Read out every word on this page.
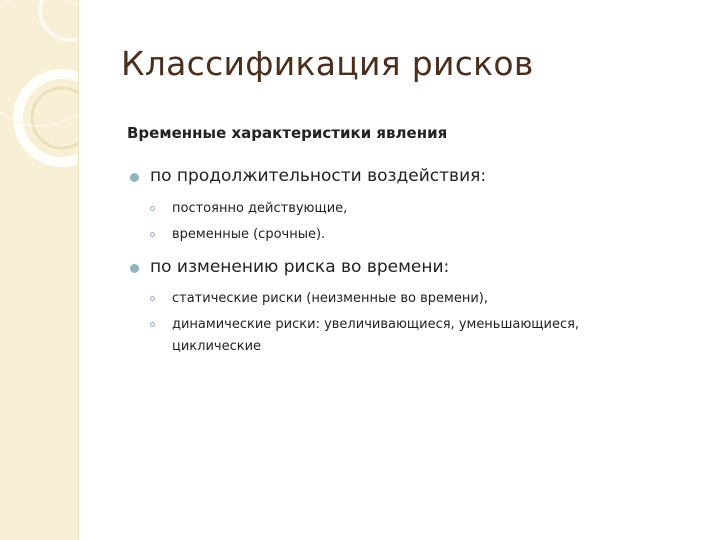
Классификация рисков
Временные характеристики явления
по продолжительности воздействия:
постоянно действующие,
временные (срочные).
по изменению риска во времени:
статические риски (неизменные во времени),
динамические риски: увеличивающиеся, уменьшающиеся,
циклические
